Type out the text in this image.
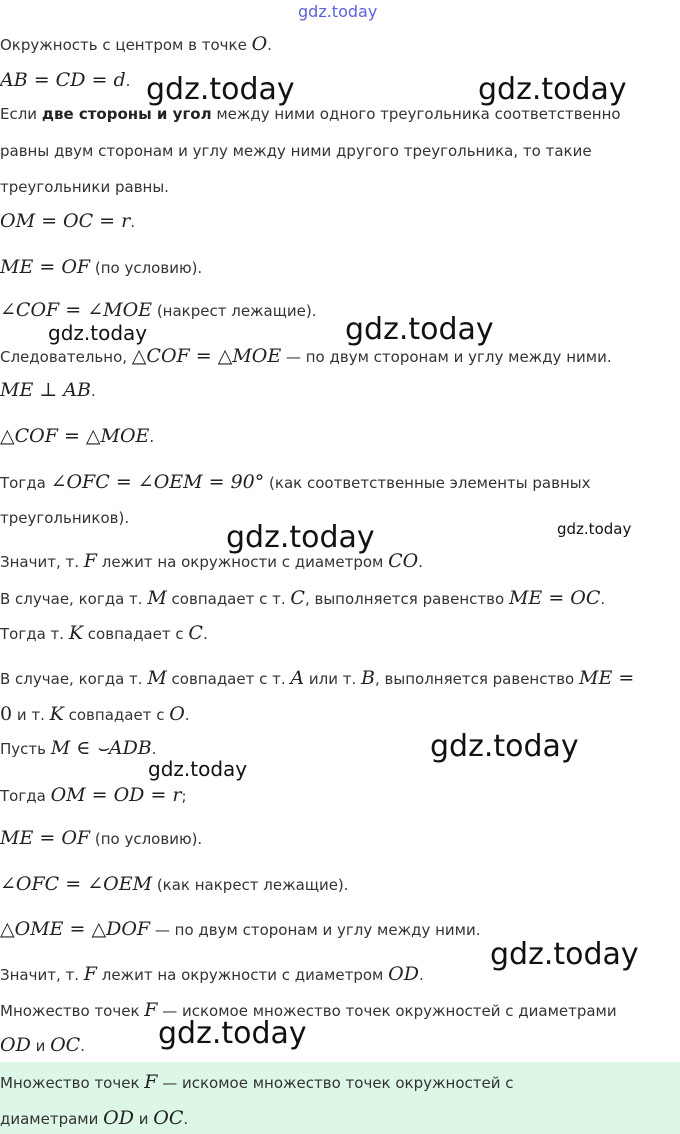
gdz.today
Окружность с центром в точке O.
AB = CD = d.
Если две стороны и угол между ними одного треугольника соответственно
равны двум сторонам и углу между ними другого треугольника, то такие
треугольники равны.
OM = OC = r.
ME = OF (по условию).
∠COF = ∠MOE (накрест лежащие).
Следовательно, △COF = △MOE — по двум сторонам и углу между ними.
ME ⊥ AB.
△COF = △MOE.
Тогда ∠OFC = ∠OEM = 90° (как соответственные элементы равных
треугольников).
Значит, т. F лежит на окружности с диаметром CO.
В случае, когда т. M совпадает с т. C, выполняется равенство ME = OC.
Тогда т. K совпадает с C.
В случае, когда т. M совпадает с т. A или т. B, выполняется равенство ME =
0 и т. K совпадает с O.
Пусть M ∈ ⌣ADB.
Тогда OM = OD = r;
ME = OF (по условию).
∠OFC = ∠OEM (как накрест лежащие).
△OME = △DOF — по двум сторонам и углу между ними.
Значит, т. F лежит на окружности с диаметром OD.
Множество точек F — искомое множество точек окружностей с диаметрами
OD и OC.
Множество точек F — искомое множество точек окружностей с
диаметрами OD и OC.
gdz.today	gdz.today
gdz.today	gdz.today
gdz.today	gdz.today
gdz.today
gdz.today
gdz.today
gdz.today
